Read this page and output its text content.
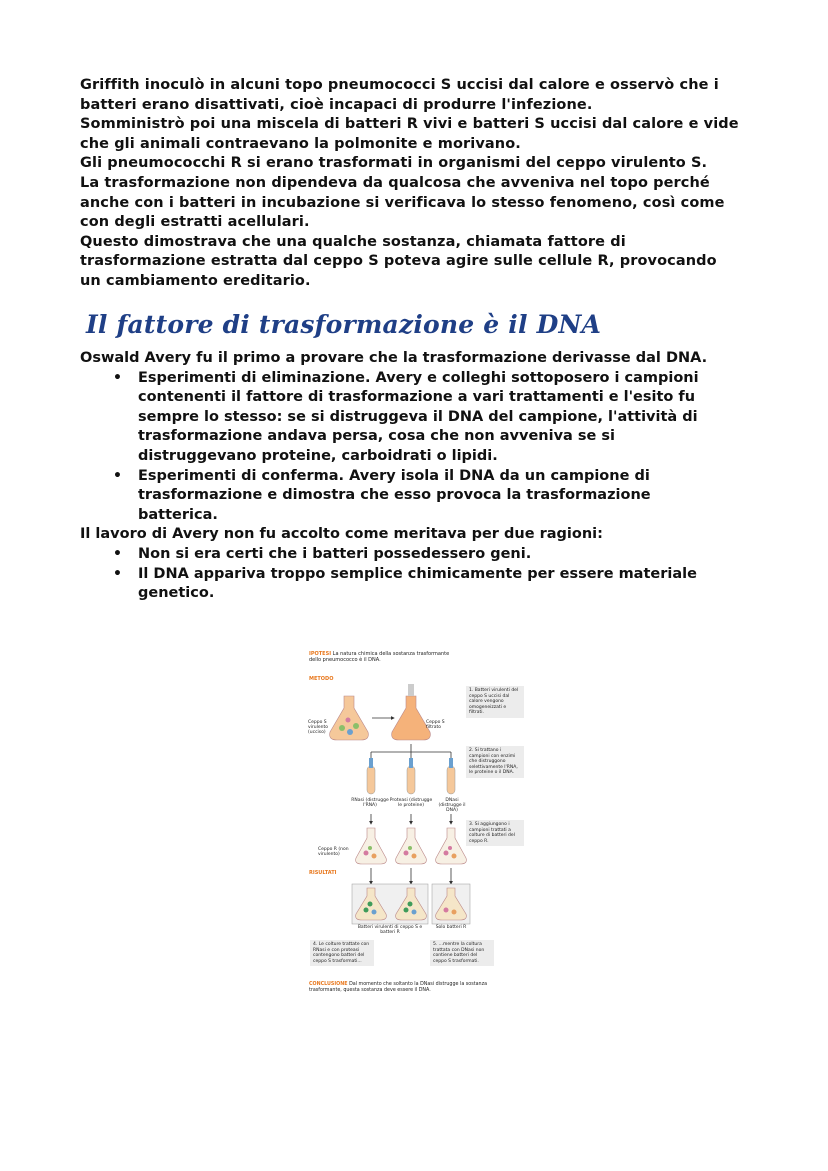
Griffith inoculò in alcuni topo pneumococci S uccisi dal calore e osservò che i
batteri erano disattivati, cioè incapaci di produrre l'infezione.
Somministrò poi una miscela di batteri R vivi e batteri S uccisi dal calore e vide
che gli animali contraevano la polmonite e morivano.
Gli pneumococchi R si erano trasformati in organismi del ceppo virulento S.
La trasformazione non dipendeva da qualcosa che avveniva nel topo perché
anche con i batteri in incubazione si verificava lo stesso fenomeno, così come
con degli estratti acellulari.
Questo dimostrava che una qualche sostanza, chiamata fattore di
trasformazione estratta dal ceppo S poteva agire sulle cellule R, provocando
un cambiamento ereditario.
Il fattore di trasformazione è il DNA
Oswald Avery fu il primo a provare che la trasformazione derivasse dal DNA.
• Esperimenti di eliminazione. Avery e colleghi sottoposero i campioni
contenenti il fattore di trasformazione a vari trattamenti e l'esito fu
sempre lo stesso: se si distruggeva il DNA del campione, l'attività di
trasformazione andava persa, cosa che non avveniva se si
distruggevano proteine, carboidrati o lipidi.
• Esperimenti di conferma. Avery isola il DNA da un campione di
trasformazione e dimostra che esso provoca la trasformazione
batterica.
Il lavoro di Avery non fu accolto come meritava per due ragioni:
• Non si era certi che i batteri possedessero geni.
• Il DNA appariva troppo semplice chimicamente per essere materiale
genetico.
IPOTESI La natura chimica della sostanza trasformante dello pneumococco è il DNA.
METODO
Ceppo S virulento (ucciso)
Ceppo S filtrato
RNasi (distrugge l'RNA)
Proteasi (distrugge le proteine)
DNasi (distrugge il DNA)
Ceppo R (non virulento)
RISULTATI
Batteri virulenti di ceppo S e batteri R
Solo batteri R
1. Batteri virulenti del ceppo S uccisi dal calore vengono omogeneizzati e filtrati.
2. Si trattano i campioni con enzimi che distruggono selettivamente l'RNA, le proteine o il DNA.
3. Si aggiungono i campioni trattati a colture di batteri del ceppo R.
4. Le colture trattate con RNasi e con proteasi contengono batteri del ceppo S trasformati...
5. ...mentre la coltura trattata con DNasi non contiene batteri del ceppo S trasformati.
CONCLUSIONE Dal momento che soltanto la DNasi distrugge la sostanza trasformante, questa sostanza deve essere il DNA.
